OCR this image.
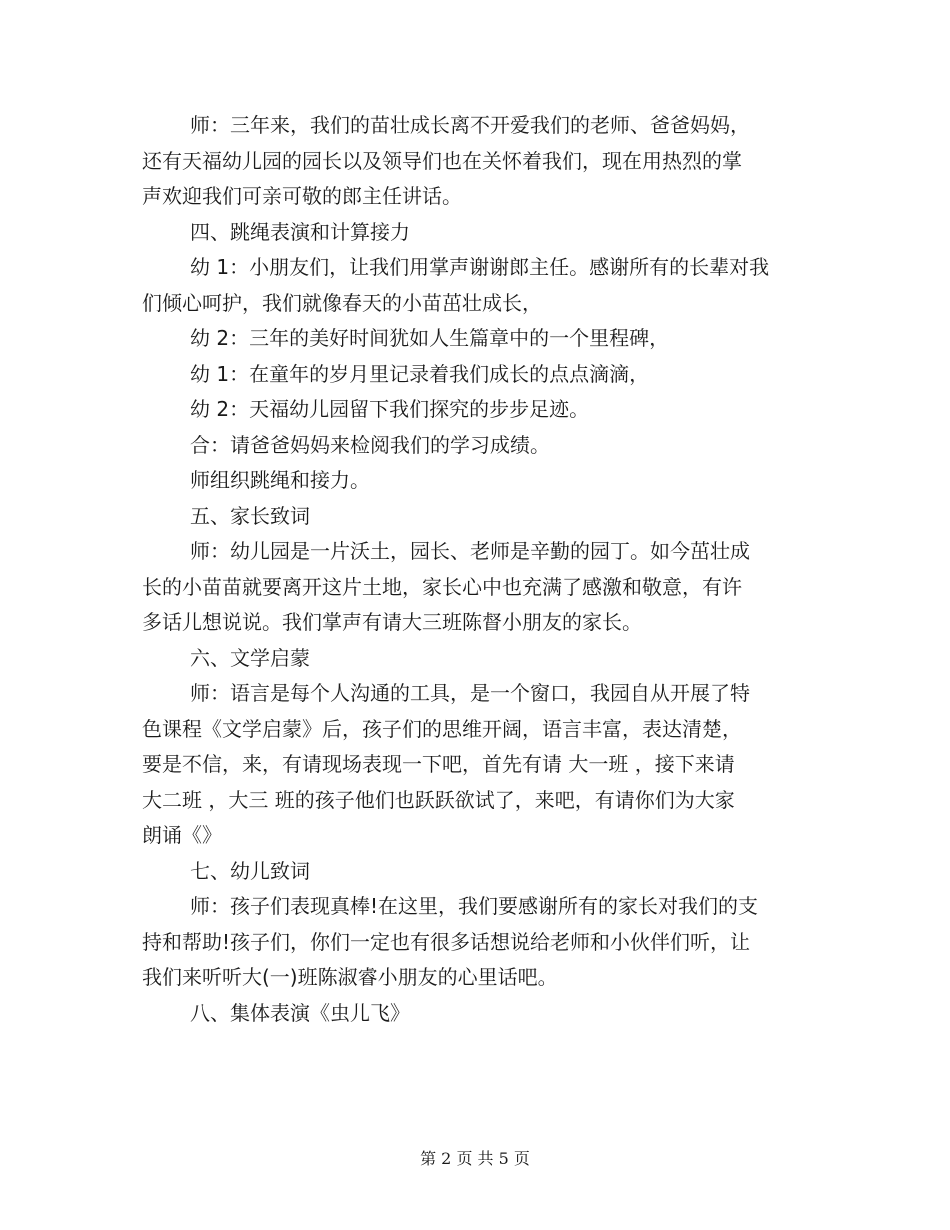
师：三年来，我们的苗壮成长离不开爱我们的老师、爸爸妈妈，
还有天福幼儿园的园长以及领导们也在关怀着我们，现在用热烈的掌
声欢迎我们可亲可敬的郎主任讲话。

四、跳绳表演和计算接力

幼 1：小朋友们，让我们用掌声谢谢郎主任。感谢所有的长辈对我
们倾心呵护，我们就像春天的小苗茁壮成长，

幼 2：三年的美好时间犹如人生篇章中的一个里程碑，

幼 1：在童年的岁月里记录着我们成长的点点滴滴，

幼 2：天福幼儿园留下我们探究的步步足迹。

合：请爸爸妈妈来检阅我们的学习成绩。

师组织跳绳和接力。

五、家长致词

师：幼儿园是一片沃土，园长、老师是辛勤的园丁。如今茁壮成
长的小苗苗就要离开这片土地，家长心中也充满了感激和敬意，有许
多话儿想说说。我们掌声有请大三班陈督小朋友的家长。

六、文学启蒙

师：语言是每个人沟通的工具，是一个窗口，我园自从开展了特
色课程《文学启蒙》后，孩子们的思维开阔，语言丰富，表达清楚，
要是不信，来，有请现场表现一下吧，首先有请 大一班 ，接下来请
大二班 ，大三 班的孩子他们也跃跃欲试了，来吧，有请你们为大家
朗诵《》

七、幼儿致词

师：孩子们表现真棒!在这里，我们要感谢所有的家长对我们的支
持和帮助!孩子们，你们一定也有很多话想说给老师和小伙伴们听，让
我们来听听大(一)班陈淑睿小朋友的心里话吧。

八、集体表演《虫儿飞》

第 2 页 共 5 页
